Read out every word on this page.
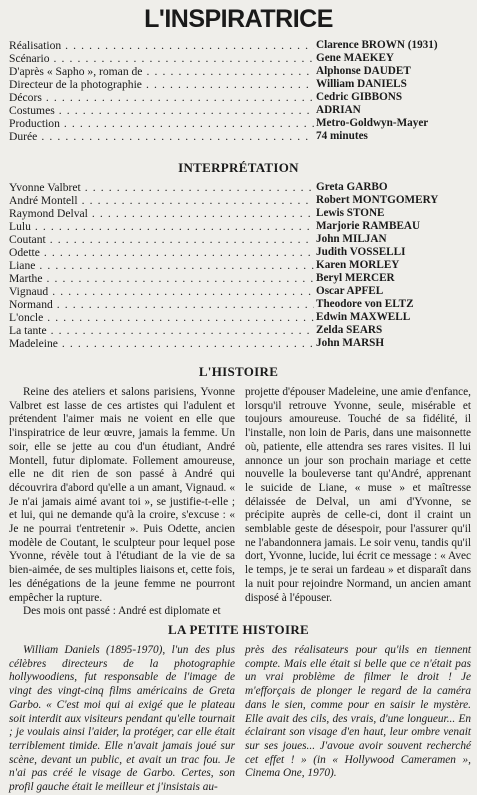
L'INSPIRATRICE
Réalisation . . .	Clarence BROWN (1931)
Scénario . . .	Gene MAEKEY
D'après « Sapho », roman de . . .	Alphonse DAUDET
Directeur de la photographie . . .	William DANIELS
Décors . . .	Cedric GIBBONS
Costumes . . .	ADRIAN
Production . . .	Metro-Goldwyn-Mayer
Durée . . .	74 minutes
INTERPRÉTATION
Yvonne Valbret . . .	Greta GARBO
André Montell . . .	Robert MONTGOMERY
Raymond Delval . . .	Lewis STONE
Lulu . . .	Marjorie RAMBEAU
Coutant . . .	John MILJAN
Odette . . .	Judith VOSSELLI
Liane . . .	Karen MORLEY
Marthe . . .	Beryl MERCER
Vignaud . . .	Oscar APFEL
Normand . . .	Theodore von ELTZ
L'oncle . . .	Edwin MAXWELL
La tante . . .	Zelda SEARS
Madeleine . . .	John MARSH
L'HISTOIRE

Reine des ateliers et salons parisiens, Yvonne Valbret est lasse de ces artistes qui l'adulent et prétendent l'aimer mais ne voient en elle que l'inspiratrice de leur œuvre, jamais la femme. Un soir, elle se jette au cou d'un étudiant, André Montell, futur diplomate. Follement amoureuse, elle ne dit rien de son passé à André qui découvrira d'abord qu'elle a un amant, Vignaud. « Je n'ai jamais aimé avant toi », se justifie-t-elle ; et lui, qui ne demande qu'à la croire, s'excuse : « Je ne pourrai t'entretenir ». Puis Odette, ancien modèle de Coutant, le sculpteur pour lequel pose Yvonne, révèle tout à l'étudiant de la vie de sa bien-aimée, de ses multiples liaisons et, cette fois, les dénégations de la jeune femme ne pourront empêcher la rupture.

Des mois ont passé : André est diplomate et

projette d'épouser Madeleine, une amie d'enfance, lorsqu'il retrouve Yvonne, seule, misérable et toujours amoureuse. Touché de sa fidélité, il l'installe, non loin de Paris, dans une maisonnette où, patiente, elle attendra ses rares visites. Il lui annonce un jour son prochain mariage et cette nouvelle la bouleverse tant qu'André, apprenant le suicide de Liane, « muse » et maîtresse délaissée de Delval, un ami d'Yvonne, se précipite auprès de celle-ci, dont il craint un semblable geste de désespoir, pour l'assurer qu'il ne l'abandonnera jamais. Le soir venu, tandis qu'il dort, Yvonne, lucide, lui écrit ce message : « Avec le temps, je te serai un fardeau » et disparaît dans la nuit pour rejoindre Normand, un ancien amant disposé à l'épouser.

LA PETITE HISTOIRE

William Daniels (1895-1970), l'un des plus célèbres directeurs de la photographie hollywoodiens, fut responsable de l'image de vingt des vingt-cinq films américains de Greta Garbo. « C'est moi qui ai exigé que le plateau soit interdit aux visiteurs pendant qu'elle tournait ; je voulais ainsi l'aider, la protéger, car elle était terriblement timide. Elle n'avait jamais joué sur scène, devant un public, et avait un trac fou. Je n'ai pas créé le visage de Garbo. Certes, son profil gauche était le meilleur et j'insistais au-

près des réalisateurs pour qu'ils en tiennent compte. Mais elle était si belle que ce n'était pas un vrai problème de filmer le droit ! Je m'efforçais de plonger le regard de la caméra dans le sien, comme pour en saisir le mystère. Elle avait des cils, des vrais, d'une longueur... En éclairant son visage d'en haut, leur ombre venait sur ses joues... J'avoue avoir souvent recherché cet effet ! » (in « Hollywood Cameramen », Cinema One, 1970).
